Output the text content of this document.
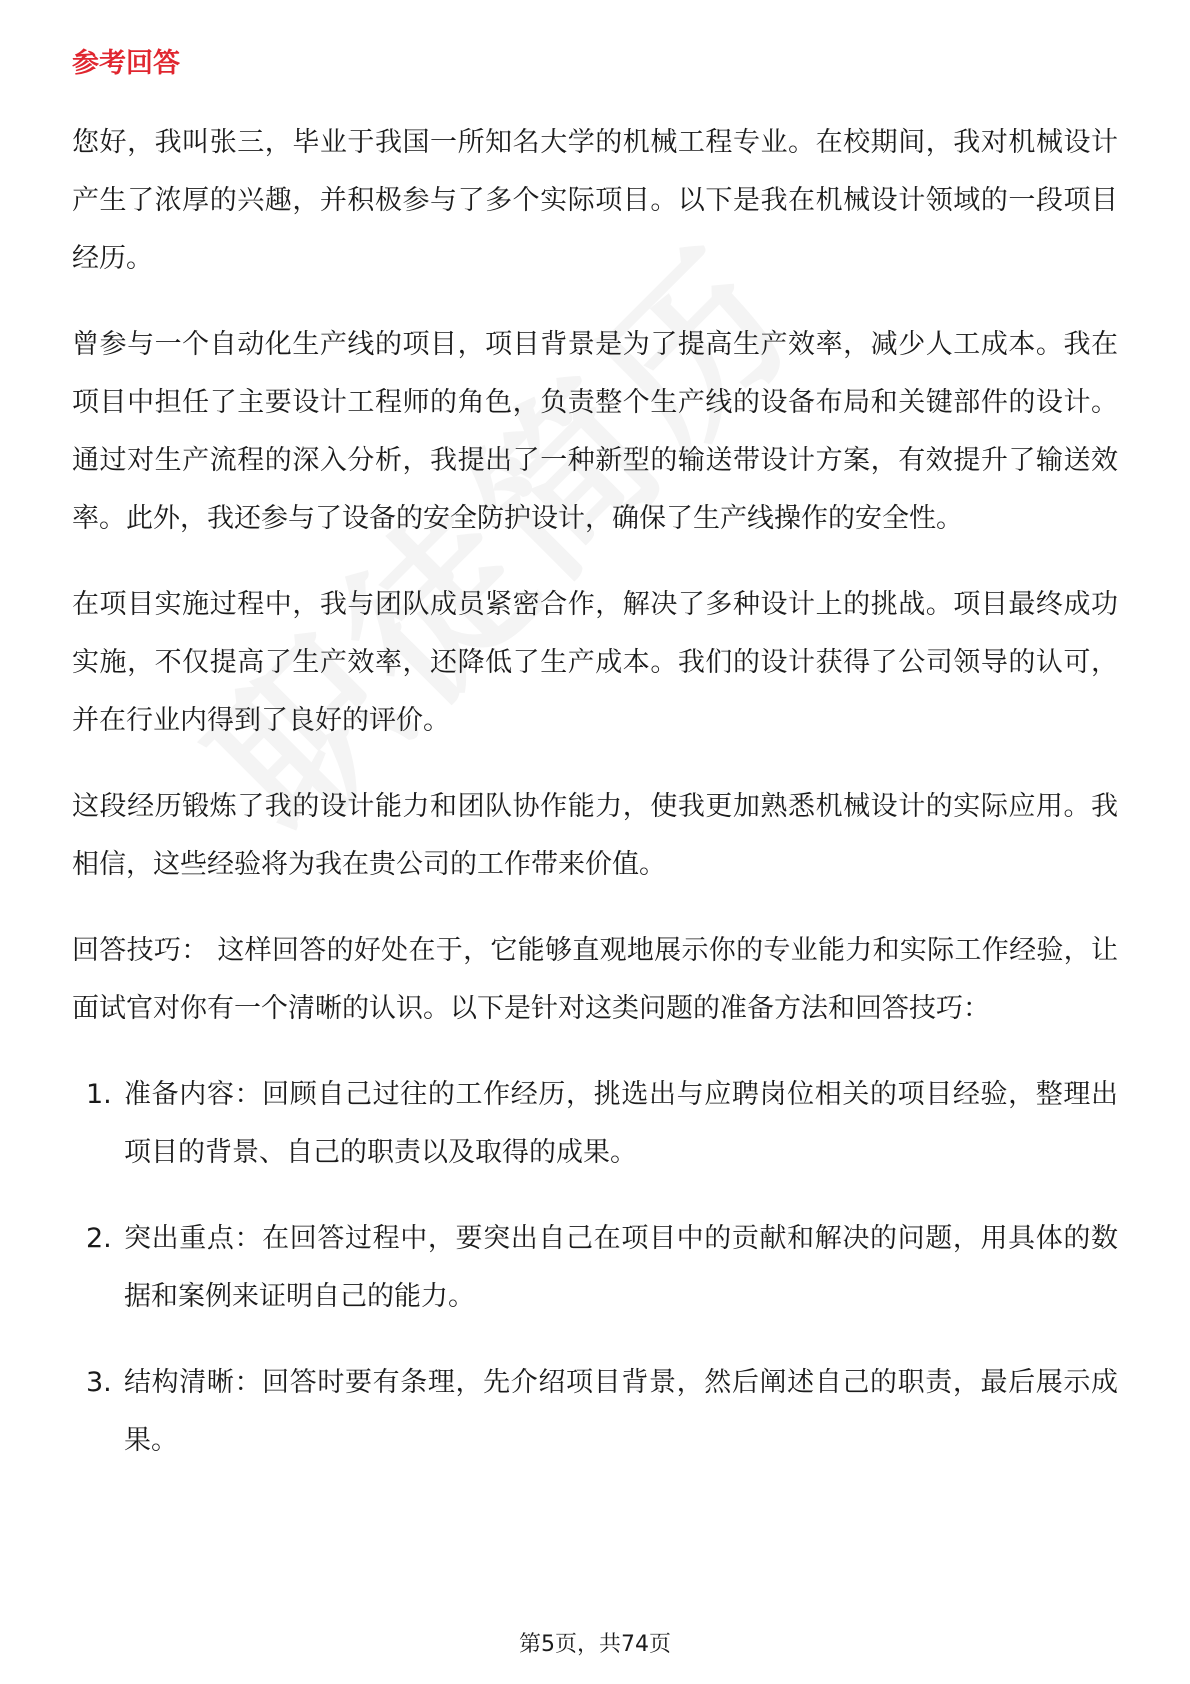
参考回答

您好，我叫张三，毕业于我国一所知名大学的机械工程专业。在校期间，我对机械设计产生了浓厚的兴趣，并积极参与了多个实际项目。以下是我在机械设计领域的一段项目经历。

曾参与一个自动化生产线的项目，项目背景是为了提高生产效率，减少人工成本。我在项目中担任了主要设计工程师的角色，负责整个生产线的设备布局和关键部件的设计。通过对生产流程的深入分析，我提出了一种新型的输送带设计方案，有效提升了输送效率。此外，我还参与了设备的安全防护设计，确保了生产线操作的安全性。

在项目实施过程中，我与团队成员紧密合作，解决了多种设计上的挑战。项目最终成功实施，不仅提高了生产效率，还降低了生产成本。我们的设计获得了公司领导的认可，并在行业内得到了良好的评价。

这段经历锻炼了我的设计能力和团队协作能力，使我更加熟悉机械设计的实际应用。我相信，这些经验将为我在贵公司的工作带来价值。

回答技巧： 这样回答的好处在于，它能够直观地展示你的专业能力和实际工作经验，让面试官对你有一个清晰的认识。以下是针对这类问题的准备方法和回答技巧：

1. 准备内容：回顾自己过往的工作经历，挑选出与应聘岗位相关的项目经验，整理出项目的背景、自己的职责以及取得的成果。
2. 突出重点：在回答过程中，要突出自己在项目中的贡献和解决的问题，用具体的数据和案例来证明自己的能力。
3. 结构清晰：回答时要有条理，先介绍项目背景，然后阐述自己的职责，最后展示成果。
第5页，共74页
